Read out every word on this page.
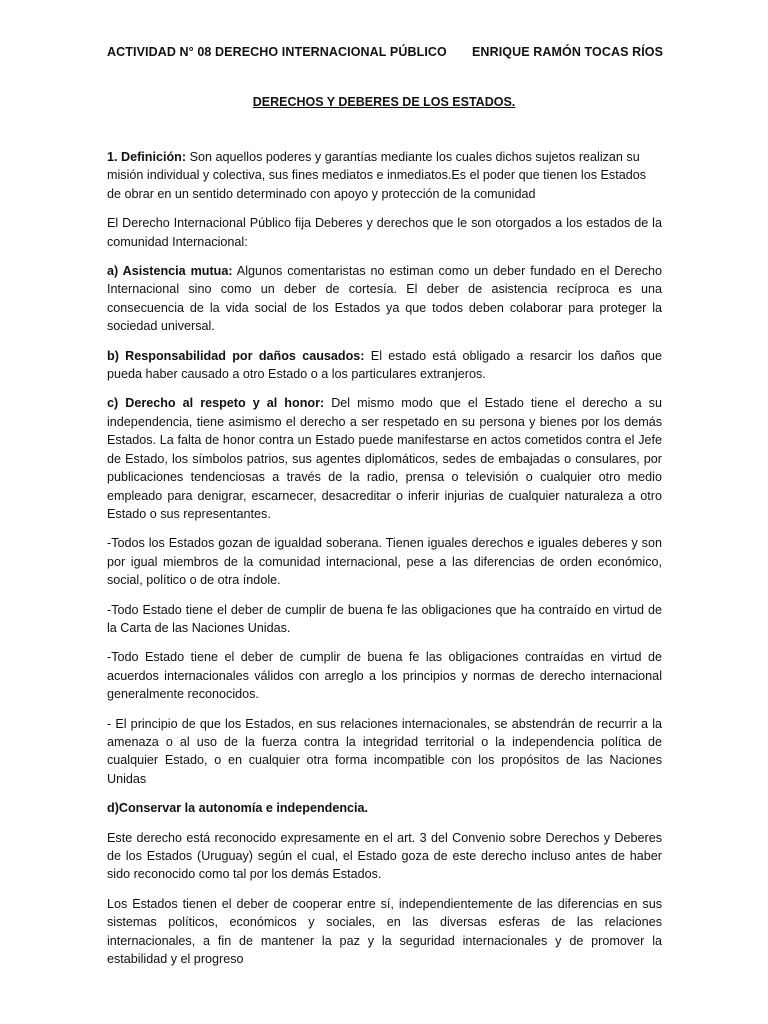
ACTIVIDAD N° 08 DERECHO INTERNACIONAL PÚBLICO ENRIQUE RAMÓN TOCAS RÍOS
DERECHOS Y DEBERES DE LOS ESTADOS.

1. Definición: Son aquellos poderes y garantías mediante los cuales dichos sujetos realizan su misión individual y colectiva, sus fines mediatos e inmediatos.Es el poder que tienen los Estados de obrar en un sentido determinado con apoyo y protección de la comunidad

El Derecho Internacional Público fija Deberes y derechos que le son otorgados a los estados de la comunidad Internacional:

a) Asistencia mutua: Algunos comentaristas no estiman como un deber fundado en el Derecho Internacional sino como un deber de cortesía. El deber de asistencia recíproca es una consecuencia de la vida social de los Estados ya que todos deben colaborar para proteger la sociedad universal.

b) Responsabilidad por daños causados: El estado está obligado a resarcir los daños que pueda haber causado a otro Estado o a los particulares extranjeros.

c) Derecho al respeto y al honor: Del mismo modo que el Estado tiene el derecho a su independencia, tiene asimismo el derecho a ser respetado en su persona y bienes por los demás Estados. La falta de honor contra un Estado puede manifestarse en actos cometidos contra el Jefe de Estado, los símbolos patrios, sus agentes diplomáticos, sedes de embajadas o consulares, por publicaciones tendenciosas a través de la radio, prensa o televisión o cualquier otro medio empleado para denigrar, escarnecer, desacreditar o inferir injurias de cualquier naturaleza a otro Estado o sus representantes.

-Todos los Estados gozan de igualdad soberana. Tienen iguales derechos e iguales deberes y son por igual miembros de la comunidad internacional, pese a las diferencias de orden económico, social, político o de otra índole.

-Todo Estado tiene el deber de cumplir de buena fe las obligaciones que ha contraído en virtud de la Carta de las Naciones Unidas.

-Todo Estado tiene el deber de cumplir de buena fe las obligaciones contraídas en virtud de acuerdos internacionales válidos con arreglo a los principios y normas de derecho internacional generalmente reconocidos.

- El principio de que los Estados, en sus relaciones internacionales, se abstendrán de recurrir a la amenaza o al uso de la fuerza contra la integridad territorial o la independencia política de cualquier Estado, o en cualquier otra forma incompatible con los propósitos de las Naciones Unidas

d)Conservar la autonomía e independencia.

Este derecho está reconocido expresamente en el art. 3 del Convenio sobre Derechos y Deberes de los Estados (Uruguay) según el cual, el Estado goza de este derecho incluso antes de haber sido reconocido como tal por los demás Estados.

Los Estados tienen el deber de cooperar entre sí, independientemente de las diferencias en sus sistemas políticos, económicos y sociales, en las diversas esferas de las relaciones internacionales, a fin de mantener la paz y la seguridad internacionales y de promover la estabilidad y el progreso
